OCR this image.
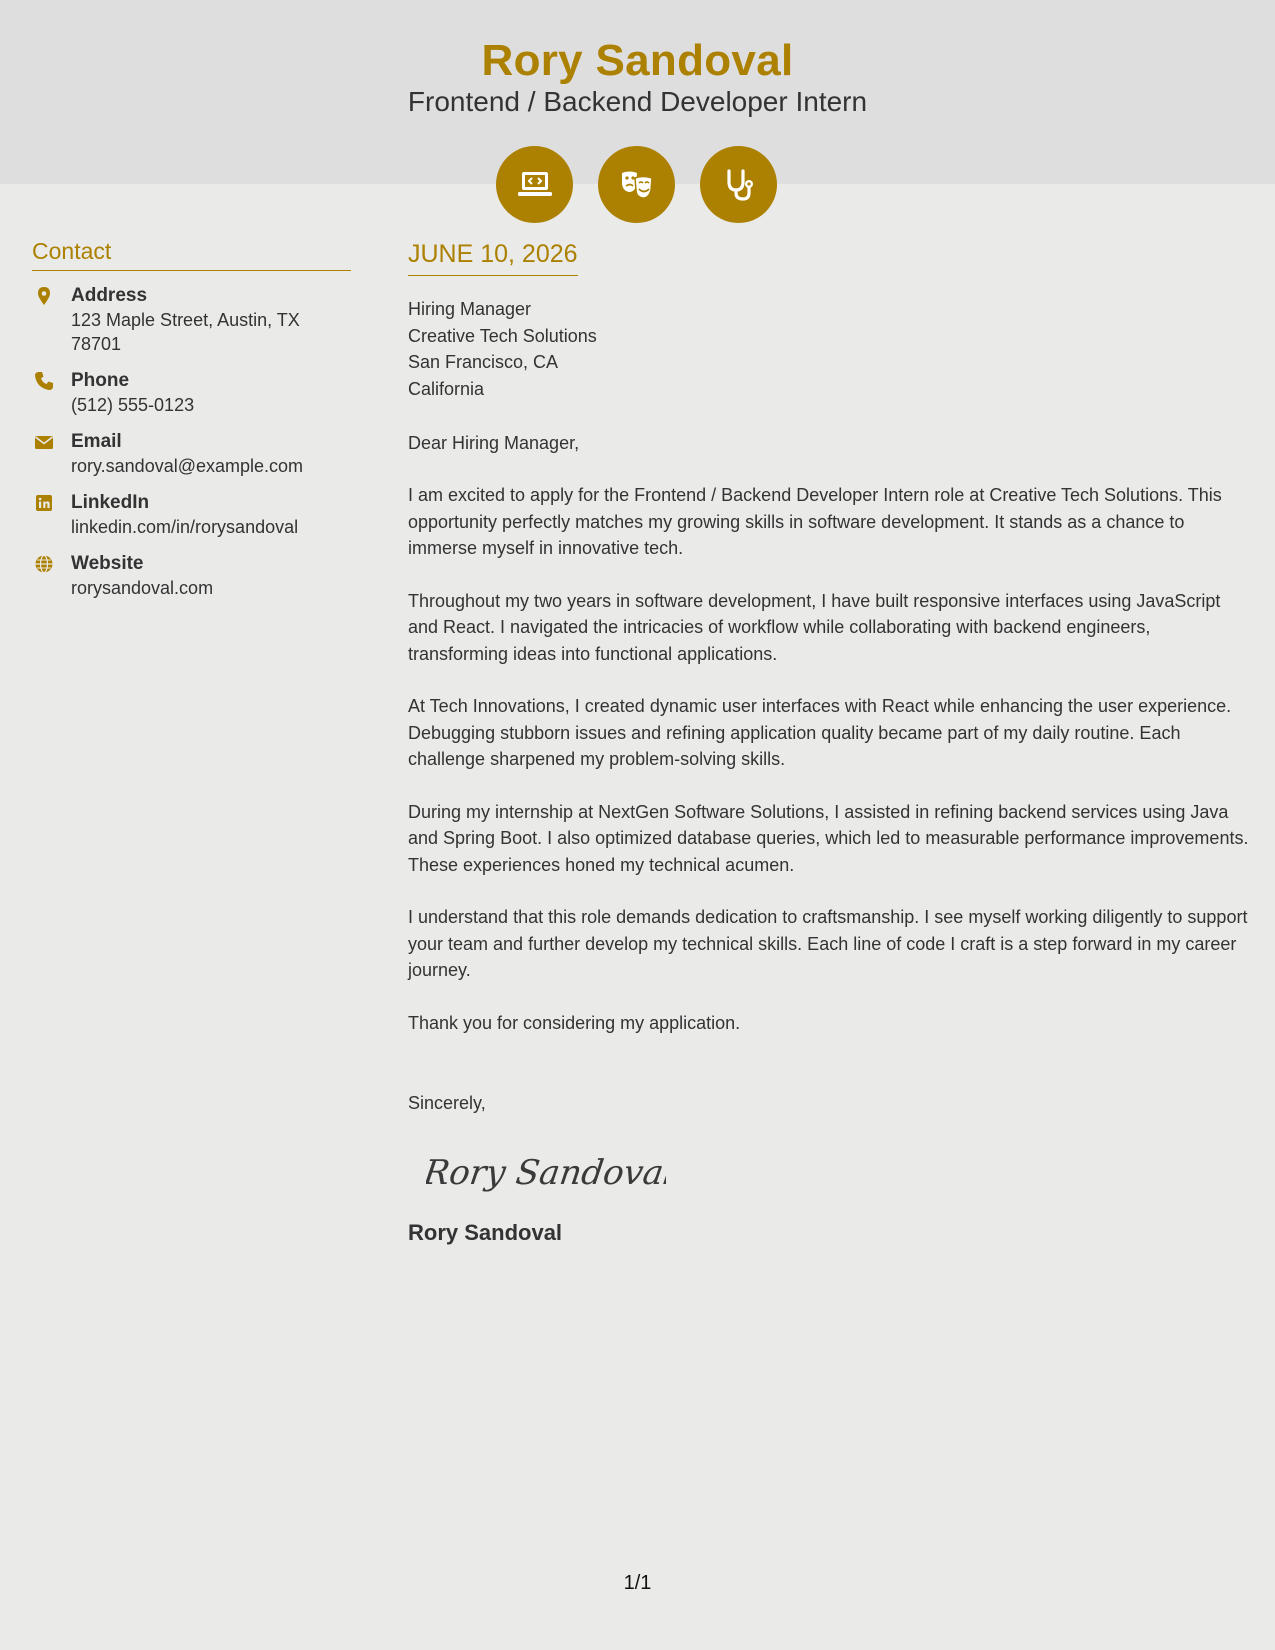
Rory Sandoval
Frontend / Backend Developer Intern
Contact
Address
123 Maple Street, Austin, TX
78701
Phone
(512) 555-0123
Email
rory.sandoval@example.com
LinkedIn
linkedin.com/in/rorysandoval
Website
rorysandoval.com
JUNE 10, 2026
Hiring Manager
Creative Tech Solutions
San Francisco, CA
California
Dear Hiring Manager,
I am excited to apply for the Frontend / Backend Developer Intern role at Creative Tech Solutions. This opportunity perfectly matches my growing skills in software development. It stands as a chance to immerse myself in innovative tech.
Throughout my two years in software development, I have built responsive interfaces using JavaScript and React. I navigated the intricacies of workflow while collaborating with backend engineers, transforming ideas into functional applications.
At Tech Innovations, I created dynamic user interfaces with React while enhancing the user experience. Debugging stubborn issues and refining application quality became part of my daily routine. Each challenge sharpened my problem-solving skills.
During my internship at NextGen Software Solutions, I assisted in refining backend services using Java and Spring Boot. I also optimized database queries, which led to measurable performance improvements. These experiences honed my technical acumen.
I understand that this role demands dedication to craftsmanship. I see myself working diligently to support your team and further develop my technical skills. Each line of code I craft is a step forward in my career journey.
Thank you for considering my application.
Sincerely,
Rory Sandoval
Rory Sandoval
1/1
